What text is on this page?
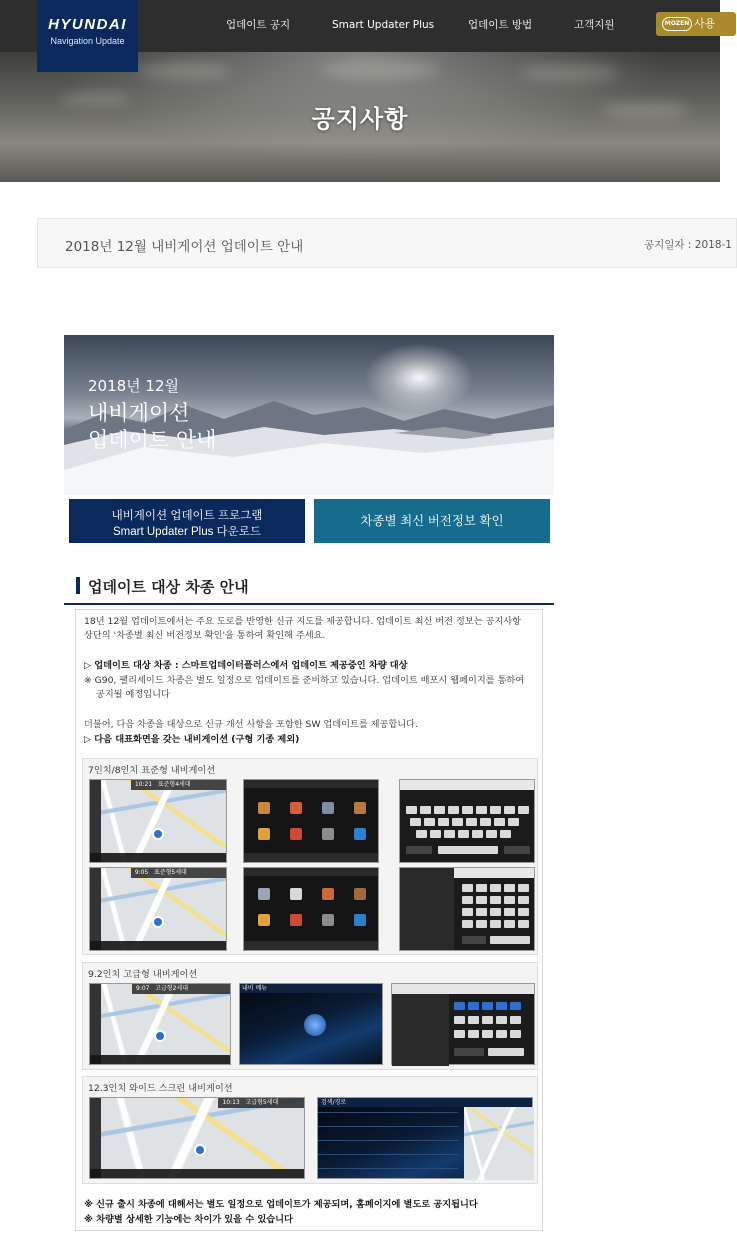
HYUNDAI
Navigation Update
업데이트 공지	Smart Updater Plus	업데이트 방법	고객지원	MOZEN 사용
공지사항
2018년 12월 내비게이션 업데이트 안내	공지일자 : 2018-1
2018년 12월
내비게이션
업데이트 안내
내비게이션 업데이트 프로그램
Smart Updater Plus 다운로드
차종별 최신 버전정보 확인
업데이트 대상 차종 안내
18년 12월 업데이트에서는 주요 도로를 반영한 신규 지도를 제공합니다. 업데이트 최신 버전 정보는 공지사항
상단의 '차종별 최신 버전정보 확인'을 통하여 확인해 주세요.
▷ 업데이트 대상 차종 : 스마트업데이터플러스에서 업데이트 제공중인 차량 대상
※ G90, 팰리세이드 차종은 별도 일정으로 업데이트를 준비하고 있습니다. 업데이트 배포시 웹페이지를 통하여
공지될 예정입니다
더불어, 다음 차종을 대상으로 신규 개선 사항을 포함한 SW 업데이트를 제공합니다.
▷ 다음 대표화면을 갖는 내비게이션 (구형 기종 제외)
7인치/8인치 표준형 내비게이션
10:21 표준형4세대
9:05 표준형5세대
9.2인치 고급형 내비게이션
9:07 고급형2세대	내비 메뉴
12.3인치 와이드 스크린 내비게이션
10:13 고급형5세대	검색/경로
※ 신규 출시 차종에 대해서는 별도 일정으로 업데이트가 제공되며, 홈페이지에 별도로 공지됩니다
※ 차량별 상세한 기능에는 차이가 있을 수 있습니다
